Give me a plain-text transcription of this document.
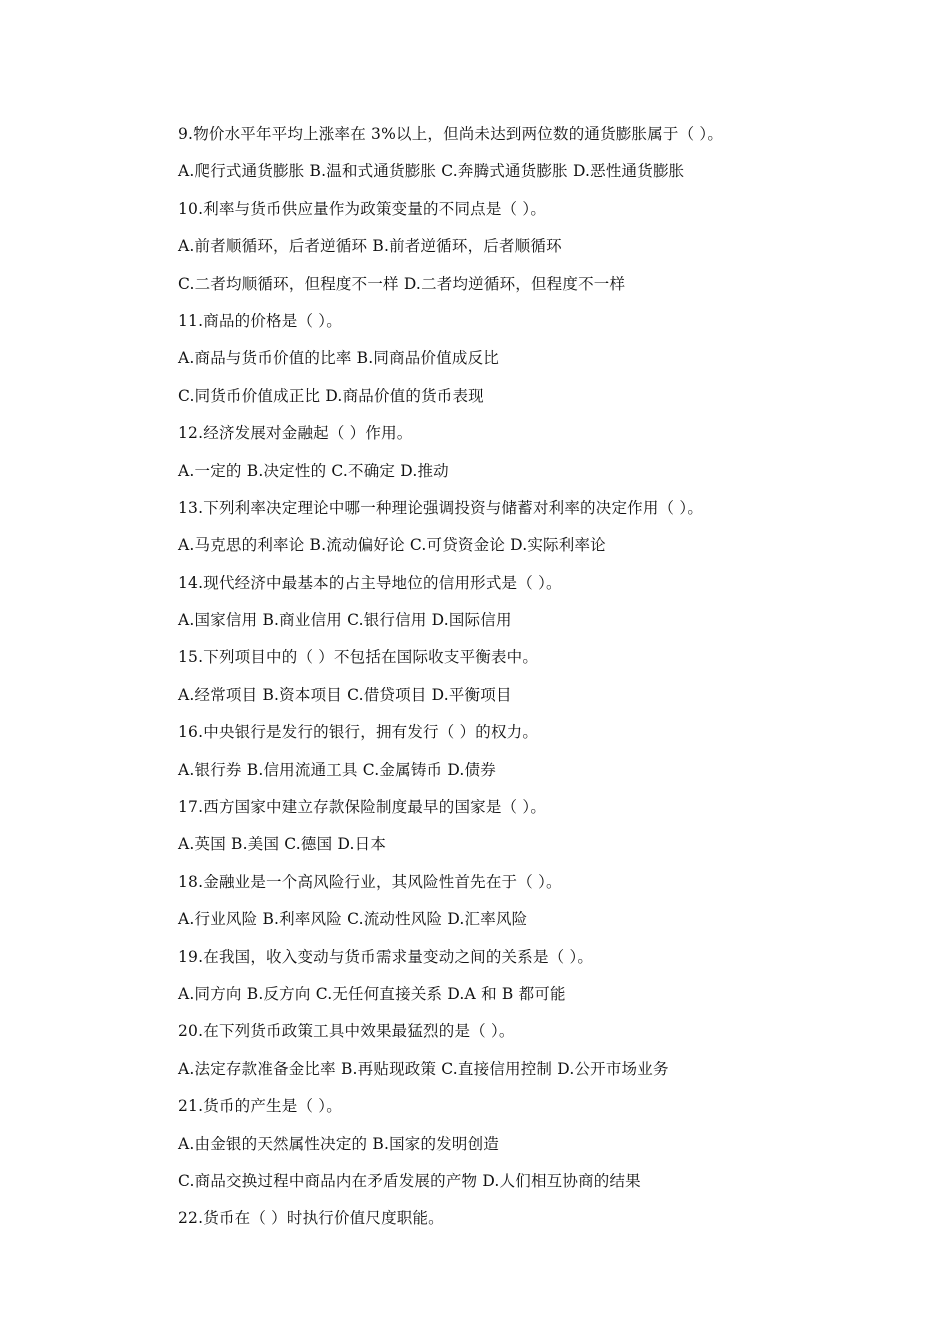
9.物价水平年平均上涨率在 3%以上，但尚未达到两位数的通货膨胀属于（ ）。
A.爬行式通货膨胀 B.温和式通货膨胀 C.奔腾式通货膨胀 D.恶性通货膨胀
10.利率与货币供应量作为政策变量的不同点是（ ）。
A.前者顺循环，后者逆循环 B.前者逆循环，后者顺循环
C.二者均顺循环，但程度不一样 D.二者均逆循环，但程度不一样
11.商品的价格是（ ）。
A.商品与货币价值的比率 B.同商品价值成反比
C.同货币价值成正比 D.商品价值的货币表现
12.经济发展对金融起（ ）作用。
A.一定的 B.决定性的 C.不确定 D.推动
13.下列利率决定理论中哪一种理论强调投资与储蓄对利率的决定作用（ ）。
A.马克思的利率论 B.流动偏好论 C.可贷资金论 D.实际利率论
14.现代经济中最基本的占主导地位的信用形式是（ ）。
A.国家信用 B.商业信用 C.银行信用 D.国际信用
15.下列项目中的（ ）不包括在国际收支平衡表中。
A.经常项目 B.资本项目 C.借贷项目 D.平衡项目
16.中央银行是发行的银行，拥有发行（ ）的权力。
A.银行券 B.信用流通工具 C.金属铸币 D.债券
17.西方国家中建立存款保险制度最早的国家是（ ）。
A.英国 B.美国 C.德国 D.日本
18.金融业是一个高风险行业，其风险性首先在于（ ）。
A.行业风险 B.利率风险 C.流动性风险 D.汇率风险
19.在我国，收入变动与货币需求量变动之间的关系是（ ）。
A.同方向 B.反方向 C.无任何直接关系 D.A 和 B 都可能
20.在下列货币政策工具中效果最猛烈的是（ ）。
A.法定存款准备金比率 B.再贴现政策 C.直接信用控制 D.公开市场业务
21.货币的产生是（ ）。
A.由金银的天然属性决定的 B.国家的发明创造
C.商品交换过程中商品内在矛盾发展的产物 D.人们相互协商的结果
22.货币在（ ）时执行价值尺度职能。
